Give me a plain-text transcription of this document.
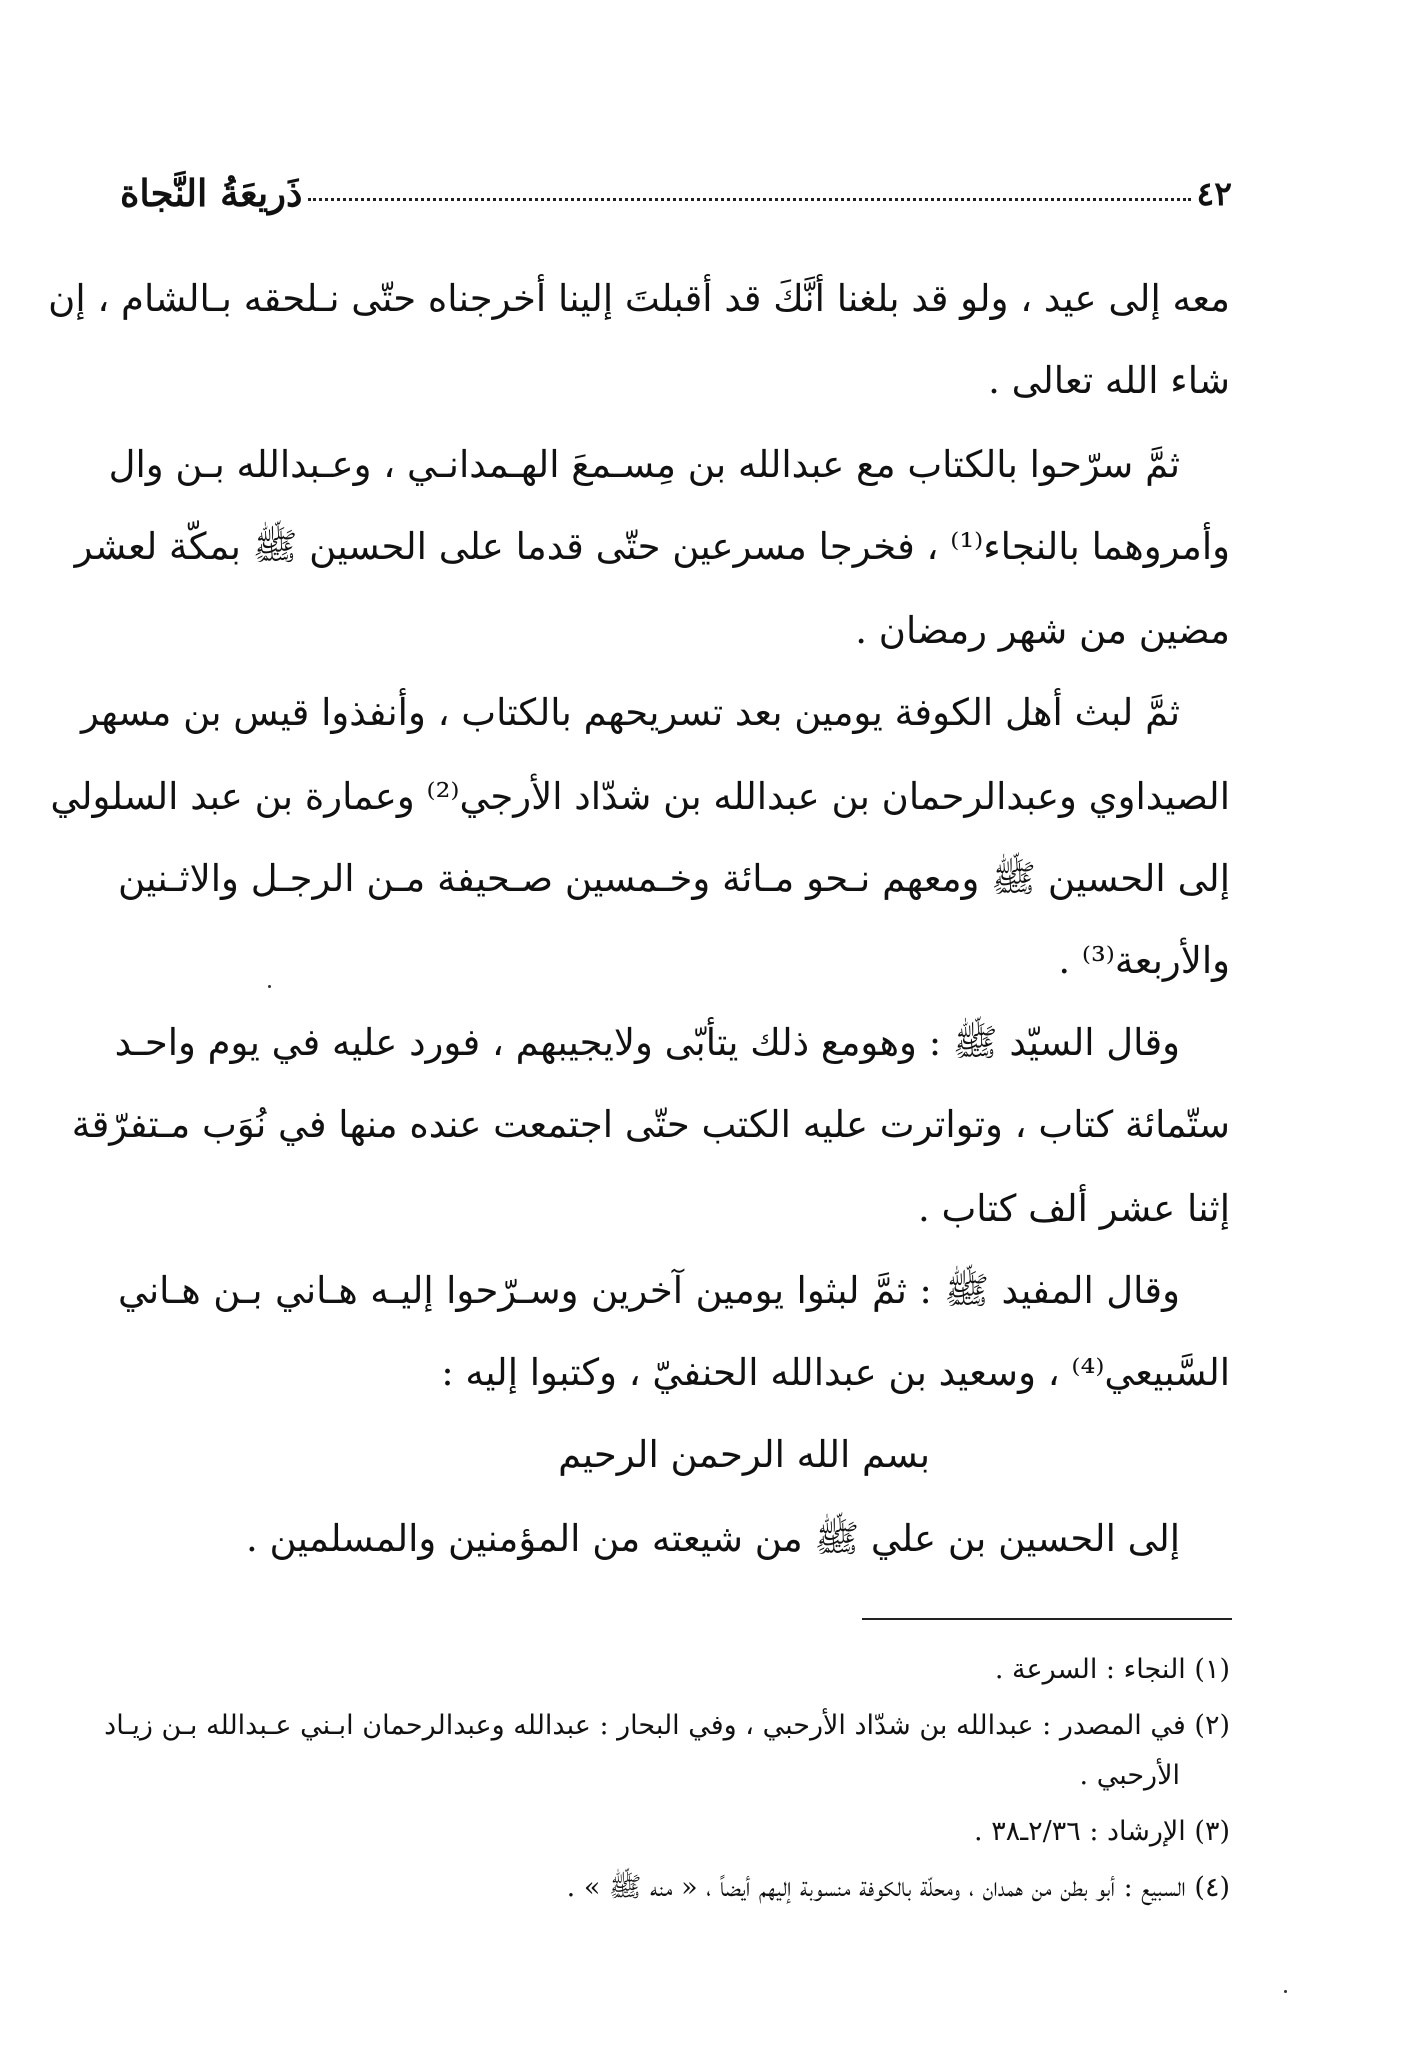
ذَريعَةُ النَّجاة	٤٢
معه إلى عيد ، ولو قد بلغنا أنَّكَ قد أقبلتَ إلينا أخرجناه حتّى نـلحقه بـالشام ، إن
شاء الله تعالى .
ثمَّ سرّحوا بالكتاب مع عبدالله بن مِسـمعَ الهـمدانـي ، وعـبدالله بـن وال
وأمروهما بالنجاء⁽¹⁾ ، فخرجا مسرعين حتّى قدما على الحسين ﷺ بمكّة لعشر
مضين من شهر رمضان .
ثمَّ لبث أهل الكوفة يومين بعد تسريحهم بالكتاب ، وأنفذوا قيس بن مسهر
الصيداوي وعبدالرحمان بن عبدالله بن شدّاد الأرجي⁽²⁾ وعمارة بن عبد السلولي
إلى الحسين ﷺ ومعهم نـحو مـائة وخـمسين صـحيفة مـن الرجـل والاثـنين
والأربعة⁽³⁾ .
وقال السيّد ﷺ : وهومع ذلك يتأبّى ولايجيبهم ، فورد عليه في يوم واحـد
ستّمائة كتاب ، وتواترت عليه الكتب حتّى اجتمعت عنده منها في نُوَب مـتفرّقة
إثنا عشر ألف كتاب .
وقال المفيد ﷺ : ثمَّ لبثوا يومين آخرين وسـرّحوا إليـه هـاني بـن هـاني
السَّبيعي⁽⁴⁾ ، وسعيد بن عبدالله الحنفيّ ، وكتبوا إليه :
بسم الله الرحمن الرحيم
إلى الحسين بن علي ﷺ من شيعته من المؤمنين والمسلمين .
(١) النجاء : السرعة .
(٢) في المصدر : عبدالله بن شدّاد الأرحبي ، وفي البحار : عبدالله وعبدالرحمان ابـني عـبدالله بـن زيـاد
الأرحبي .
(٣) الإرشاد : ٢/٣٦ـ٣٨ .
(٤) السبيع : أبو بطن من همدان ، ومحلّة بالكوفة منسوبة إليهم أيضاً ، « منه ﷺ » .
